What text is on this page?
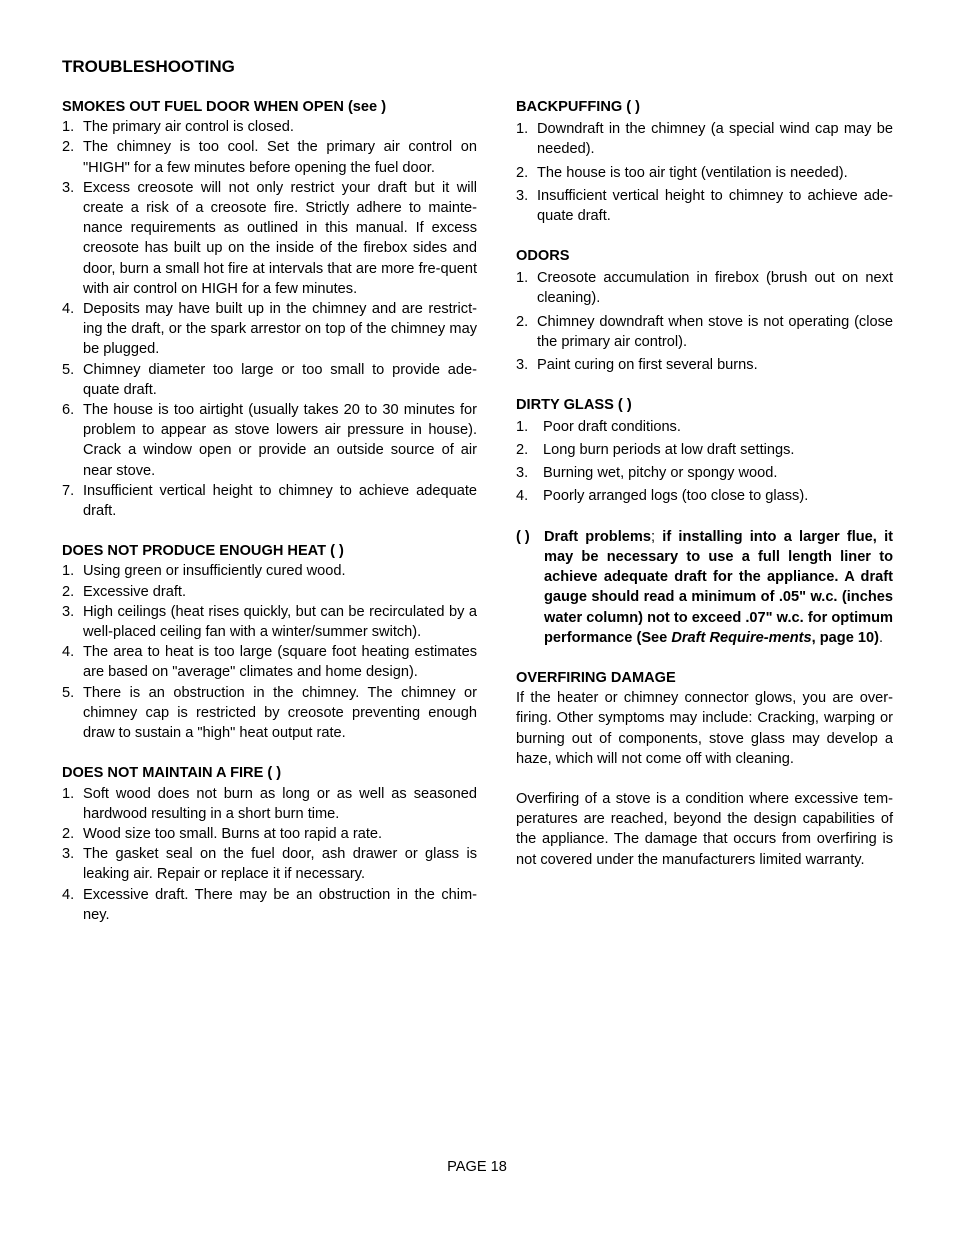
TROUBLESHOOTING

SMOKES OUT FUEL DOOR WHEN OPEN (see )

1. The primary air control is closed.
2. The chimney is too cool. Set the primary air control on "HIGH" for a few minutes before opening the fuel door.
3. Excess creosote will not only restrict your draft but it will create a risk of a creosote fire. Strictly adhere to mainte-nance requirements as outlined in this manual. If excess creosote has built up on the inside of the firebox sides and door, burn a small hot fire at intervals that are more fre-quent with air control on HIGH for a few minutes.
4. Deposits may have built up in the chimney and are restrict-ing the draft, or the spark arrestor on top of the chimney may be plugged.
5. Chimney diameter too large or too small to provide ade-quate draft.
6. The house is too airtight (usually takes 20 to 30 minutes for problem to appear as stove lowers air pressure in house). Crack a window open or provide an outside source of air near stove.
7. Insufficient vertical height to chimney to achieve adequate draft.

DOES NOT PRODUCE ENOUGH HEAT ( )

1. Using green or insufficiently cured wood.
2. Excessive draft.
3. High ceilings (heat rises quickly, but can be recirculated by a well-placed ceiling fan with a winter/summer switch).
4. The area to heat is too large (square foot heating estimates are based on "average" climates and home design).
5. There is an obstruction in the chimney. The chimney or chimney cap is restricted by creosote preventing enough draw to sustain a "high" heat output rate.

DOES NOT MAINTAIN A FIRE ( )

1. Soft wood does not burn as long or as well as seasoned hardwood resulting in a short burn time.
2. Wood size too small. Burns at too rapid a rate.
3. The gasket seal on the fuel door, ash drawer or glass is leaking air. Repair or replace it if necessary.
4. Excessive draft. There may be an obstruction in the chim-ney.

BACKPUFFING ( )

1. Downdraft in the chimney (a special wind cap may be needed).
2. The house is too air tight (ventilation is needed).
3. Insufficient vertical height to chimney to achieve ade-quate draft.

ODORS

1. Creosote accumulation in firebox (brush out on next cleaning).
2. Chimney downdraft when stove is not operating (close the primary air control).
3. Paint curing on first several burns.

DIRTY GLASS ( )

1.	Poor draft conditions.
2.	Long burn periods at low draft settings.
3.	Burning wet, pitchy or spongy wood.
4.	Poorly arranged logs (too close to glass).
( ) Draft problems; if installing into a larger flue, it may be necessary to use a full length liner to achieve adequate draft for the appliance. A draft gauge should read a minimum of .05" w.c. (inches water column) not to exceed .07" w.c. for optimum performance (See Draft Require-ments, page 10).

OVERFIRING DAMAGE

If the heater or chimney connector glows, you are over-firing. Other symptoms may include: Cracking, warping or burning out of components, stove glass may develop a haze, which will not come off with cleaning.

Overfiring of a stove is a condition where excessive tem-peratures are reached, beyond the design capabilities of the appliance. The damage that occurs from overfiring is not covered under the manufacturers limited warranty.

PAGE 18
